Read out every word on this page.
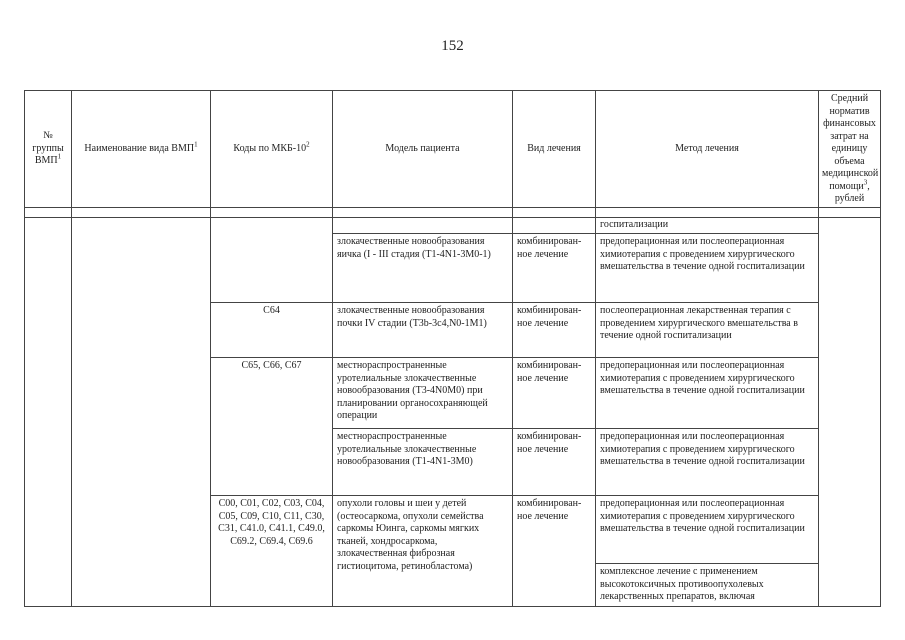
152
№ группы ВМП$^1$	Наименование вида ВМП$^1$	Коды по МКБ-$10^2$	Модель пациента	Вид лечения	Метод лечения	Средний норматив финансовых затрат на единицу объема медицинской помощи$^3$, рублей

					госпитализации	
			злокачественные новообразования яичка (I - III стадия (T1-4N1-3M0-1)	комбинирован-ное лечение	предоперационная или послеоперационная химиотерапия с проведением хирургического вмешательства в течение одной госпитализации	
		C64	злокачественные новообразования почки IV стадии (T3b-3c4,N0-1M1)	комбинирован-ное лечение	послеоперационная лекарственная терапия с проведением хирургического вмешательства в течение одной госпитализации	
		C65, C66, C67	местнораспространенные уротелиальные злокачественные новообразования (T3-4N0M0) при планировании органосохраняющей операции	комбинирован-ное лечение	предоперационная или послеоперационная химиотерапия с проведением хирургического вмешательства в течение одной госпитализации	
			местнораспространенные уротелиальные злокачественные новообразования (T1-4N1-3M0)	комбинирован-ное лечение	предоперационная или послеоперационная химиотерапия с проведением хирургического вмешательства в течение одной госпитализации	
		C00, C01, C02, C03, C04, C05, C09, C10, C11, C30, C31, C41.0, C41.1, C49.0, C69.2, C69.4, C69.6	опухоли головы и шеи у детей (остеосаркома, опухоли семейства саркомы Юинга, саркомы мягких тканей, хондросаркома, злокачественная фиброзная гистиоцитома, ретинобластома)	комбинирован-ное лечение	предоперационная или послеоперационная химиотерапия с проведением хирургического вмешательства в течение одной госпитализации	
					комплексное лечение с применением высокотоксичных противоопухолевых лекарственных препаратов, включая	
